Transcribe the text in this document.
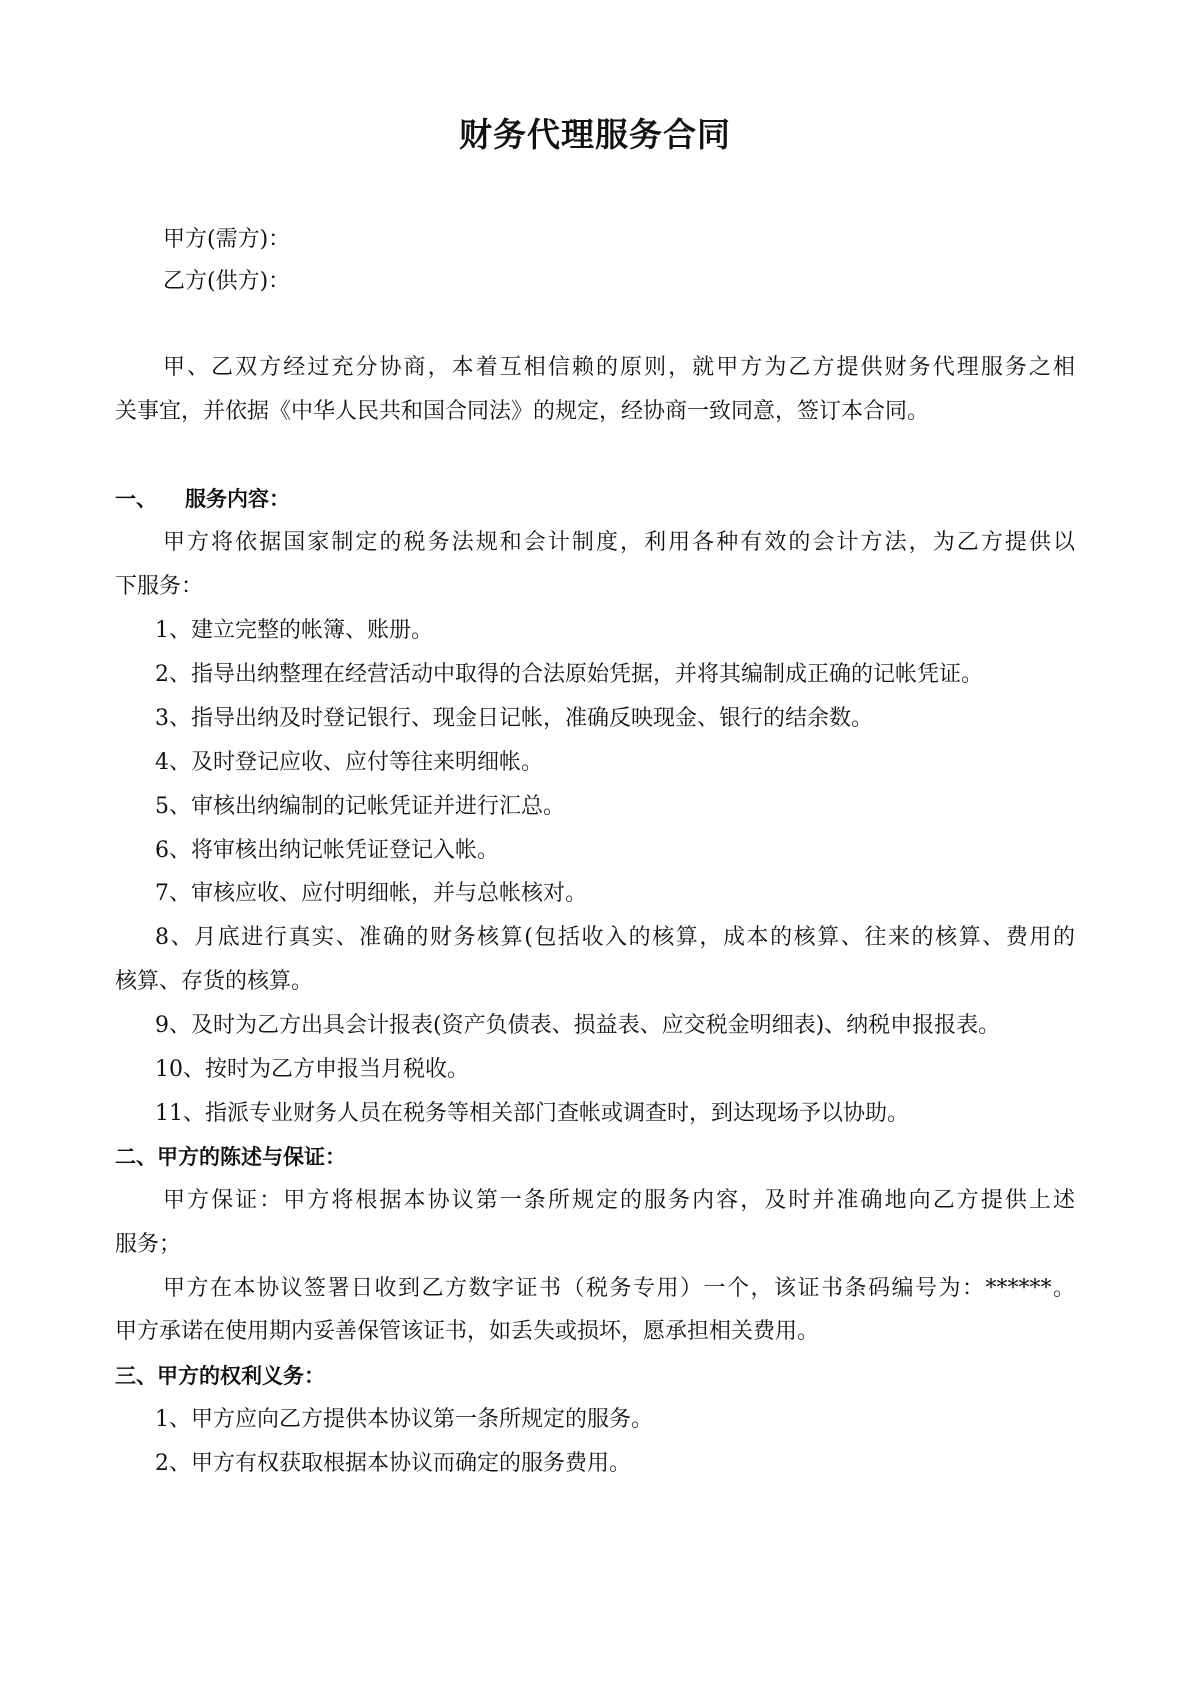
财务代理服务合同
甲方(需方)：
乙方(供方)：
甲、乙双方经过充分协商，本着互相信赖的原则，就甲方为乙方提供财务代理服务之相
关事宜，并依据《中华人民共和国合同法》的规定，经协商一致同意，签订本合同。
一、 服务内容：
甲方将依据国家制定的税务法规和会计制度，利用各种有效的会计方法，为乙方提供以
下服务：
1、建立完整的帐簿、账册。
2、指导出纳整理在经营活动中取得的合法原始凭据，并将其编制成正确的记帐凭证。
3、指导出纳及时登记银行、现金日记帐，准确反映现金、银行的结余数。
4、及时登记应收、应付等往来明细帐。
5、审核出纳编制的记帐凭证并进行汇总。
6、将审核出纳记帐凭证登记入帐。
7、审核应收、应付明细帐，并与总帐核对。
8、月底进行真实、准确的财务核算(包括收入的核算，成本的核算、往来的核算、费用的
核算、存货的核算。
9、及时为乙方出具会计报表(资产负债表、损益表、应交税金明细表)、纳税申报报表。
10、按时为乙方申报当月税收。
11、指派专业财务人员在税务等相关部门查帐或调查时，到达现场予以协助。
二、甲方的陈述与保证：
甲方保证：甲方将根据本协议第一条所规定的服务内容，及时并准确地向乙方提供上述
服务；
甲方在本协议签署日收到乙方数字证书（税务专用）一个，该证书条码编号为：******。
甲方承诺在使用期内妥善保管该证书，如丢失或损坏，愿承担相关费用。
三、甲方的权利义务：
1、甲方应向乙方提供本协议第一条所规定的服务。
2、甲方有权获取根据本协议而确定的服务费用。
